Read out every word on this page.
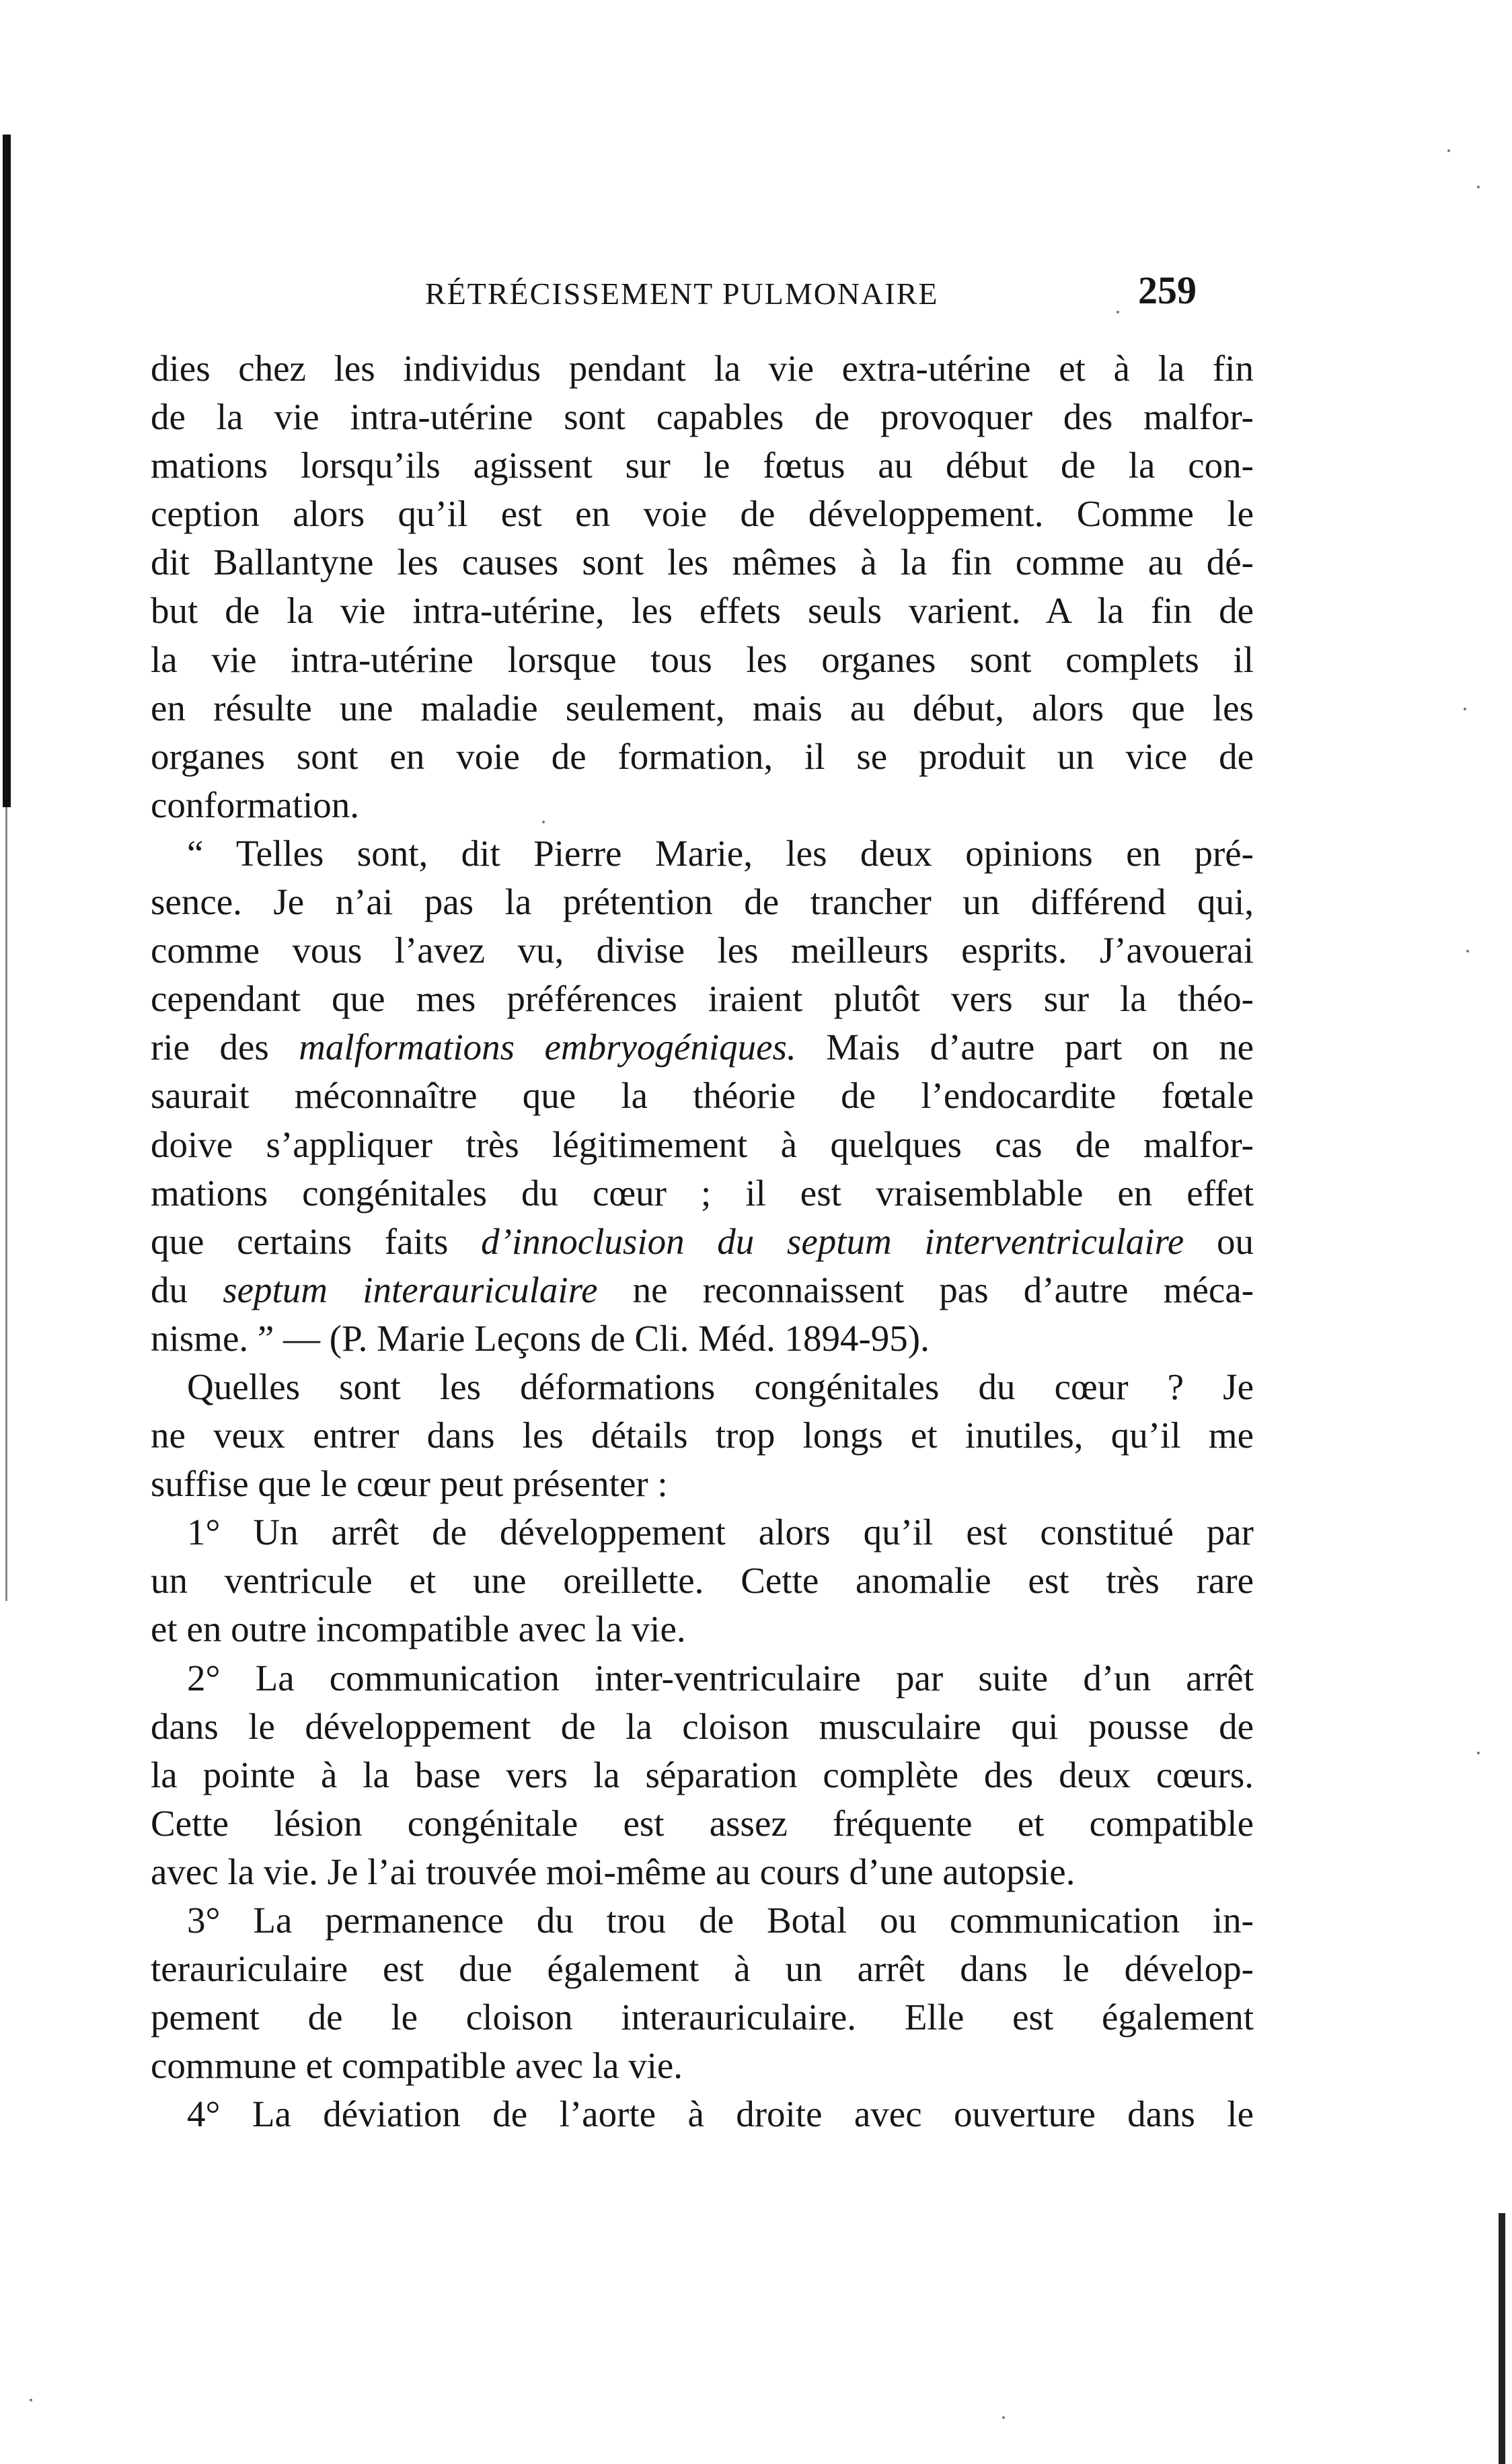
RÉTRÉCISSEMENT PULMONAIRE	259
dies chez les individus pendant la vie extra-utérine et à la fin
de la vie intra-utérine sont capables de provoquer des malfor-
mations lorsqu’ils agissent sur le fœtus au début de la con-
ception alors qu’il est en voie de développement. Comme le
dit Ballantyne les causes sont les mêmes à la fin comme au dé-
but de la vie intra-utérine, les effets seuls varient. A la fin de
la vie intra-utérine lorsque tous les organes sont complets il
en résulte une maladie seulement, mais au début, alors que les
organes sont en voie de formation, il se produit un vice de
conformation.
“ Telles sont, dit Pierre Marie, les deux opinions en pré-
sence. Je n’ai pas la prétention de trancher un différend qui,
comme vous l’avez vu, divise les meilleurs esprits. J’avouerai
cependant que mes préférences iraient plutôt vers sur la théo-
rie des malformations embryogéniques. Mais d’autre part on ne
saurait méconnaître que la théorie de l’endocardite fœtale
doive s’appliquer très légitimement à quelques cas de malfor-
mations congénitales du cœur ; il est vraisemblable en effet
que certains faits d’innoclusion du septum interventriculaire ou
du septum interauriculaire ne reconnaissent pas d’autre méca-
nisme. ” — (P. Marie Leçons de Cli. Méd. 1894-95).
Quelles sont les déformations congénitales du cœur ? Je
ne veux entrer dans les détails trop longs et inutiles, qu’il me
suffise que le cœur peut présenter :
1° Un arrêt de développement alors qu’il est constitué par
un ventricule et une oreillette. Cette anomalie est très rare
et en outre incompatible avec la vie.
2° La communication inter-ventriculaire par suite d’un arrêt
dans le développement de la cloison musculaire qui pousse de
la pointe à la base vers la séparation complète des deux cœurs.
Cette lésion congénitale est assez fréquente et compatible
avec la vie. Je l’ai trouvée moi-même au cours d’une autopsie.
3° La permanence du trou de Botal ou communication in-
terauriculaire est due également à un arrêt dans le dévelop-
pement de le cloison interauriculaire. Elle est également
commune et compatible avec la vie.
4° La déviation de l’aorte à droite avec ouverture dans le
